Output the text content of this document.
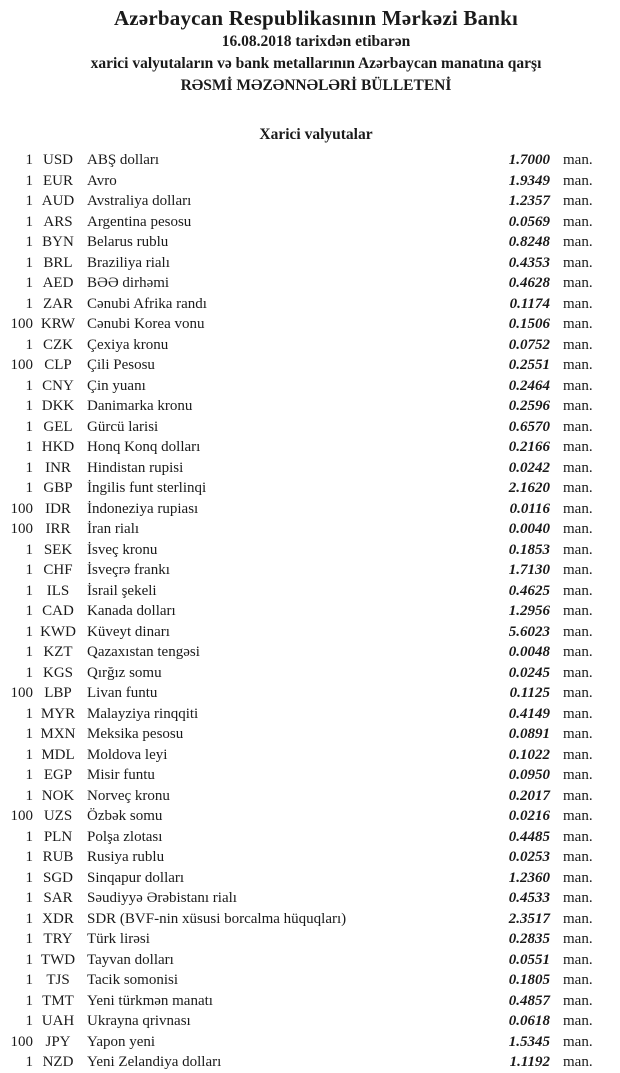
Azərbaycan Respublikasının Mərkəzi Bankı

16.08.2018 tarixdən etibarən

xarici valyutaların və bank metallarının Azərbaycan manatına qarşı

RƏSMİ MƏZƏNNƏLƏRİ BÜLLETENİ

Xarici valyutalar
1 USD ABŞ dolları	1.7000 man.
1 EUR Avro	1.9349 man.
1 AUD Avstraliya dolları	1.2357 man.
1 ARS Argentina pesosu	0.0569 man.
1 BYN Belarus rublu	0.8248 man.
1 BRL Braziliya rialı	0.4353 man.
1 AED BƏƏ dirhəmi	0.4628 man.
1 ZAR Cənubi Afrika randı	0.1174 man.
100 KRW Cənubi Korea vonu	0.1506 man.
1 CZK Çexiya kronu	0.0752 man.
100 CLP	Çili Pesosu	0.2551 man.
1 CNY Çin yuanı	0.2464 man.
1 DKK Danimarka kronu	0.2596 man.
1 GEL Gürcü larisi	0.6570 man.
1 HKD Honq Konq dolları	0.2166 man.
1 INR	Hindistan rupisi	0.0242 man.
1 GBP İngilis funt sterlinqi	2.1620 man.
100 IDR	İndoneziya rupiası	0.0116 man.
100 IRR	İran rialı	0.0040 man.
1 SEK İsveç kronu	0.1853 man.
1 CHF İsveçrə frankı	1.7130 man.
1 ILS	İsrail şekeli	0.4625 man.
1 CAD Kanada dolları	1.2956 man.
1 KWD Küveyt dinarı	5.6023 man.
1 KZT Qazaxıstan tengəsi	0.0048 man.
1 KGS Qırğız somu	0.0245 man.
100 LBP	Livan funtu	0.1125 man.
1 MYR Malayziya rinqqiti	0.4149 man.
1 MXN Meksika pesosu	0.0891 man.
1 MDL Moldova leyi	0.1022 man.
1 EGP Misir funtu	0.0950 man.
1 NOK Norveç kronu	0.2017 man.
100 UZS Özbək somu	0.0216 man.
1 PLN Polşa zlotası	0.4485 man.
1 RUB Rusiya rublu	0.0253 man.
1 SGD Sinqapur dolları	1.2360 man.
1 SAR Səudiyyə Ərəbistanı rialı	0.4533 man.
1 XDR SDR (BVF-nin xüsusi borcalma hüquqları)	2.3517 man.
1 TRY Türk lirəsi	0.2835 man.
1 TWD Tayvan dolları	0.0551 man.
1 TJS	Tacik somonisi	0.1805 man.
1 TMT Yeni türkmən manatı	0.4857 man.
1 UAH Ukrayna qrivnası	0.0618 man.
100 JPY	Yapon yeni	1.5345 man.
1 NZD Yeni Zelandiya dolları	1.1192 man.
